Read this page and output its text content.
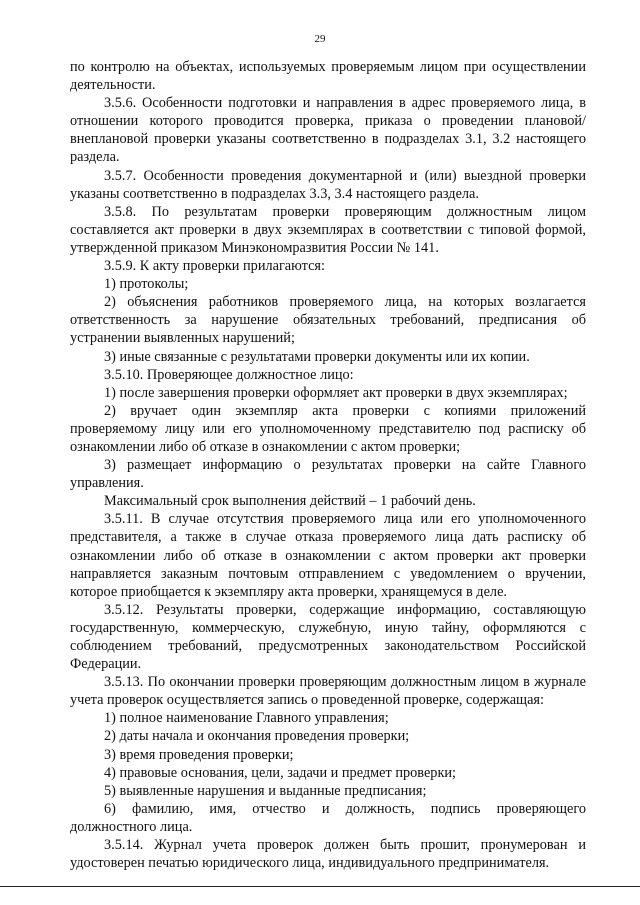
29

по контролю на объектах, используемых проверяемым лицом при осуществлении деятельности.

3.5.6. Особенности подготовки и направления в адрес проверяемого лица, в отношении которого проводится проверка, приказа о проведении плановой/внеплановой проверки указаны соответственно в подразделах 3.1, 3.2 настоящего раздела.

3.5.7. Особенности проведения документарной и (или) выездной проверки указаны соответственно в подразделах 3.3, 3.4 настоящего раздела.

3.5.8. По результатам проверки проверяющим должностным лицом составляется акт проверки в двух экземплярах в соответствии с типовой формой, утвержденной приказом Минэкономразвития России № 141.

3.5.9. К акту проверки прилагаются:

1) протоколы;

2) объяснения работников проверяемого лица, на которых возлагается ответственность за нарушение обязательных требований, предписания об устранении выявленных нарушений;

3) иные связанные с результатами проверки документы или их копии.

3.5.10. Проверяющее должностное лицо:

1) после завершения проверки оформляет акт проверки в двух экземплярах;

2) вручает один экземпляр акта проверки с копиями приложений проверяемому лицу или его уполномоченному представителю под расписку об ознакомлении либо об отказе в ознакомлении с актом проверки;

3) размещает информацию о результатах проверки на сайте Главного управления.

Максимальный срок выполнения действий – 1 рабочий день.

3.5.11. В случае отсутствия проверяемого лица или его уполномоченного представителя, а также в случае отказа проверяемого лица дать расписку об ознакомлении либо об отказе в ознакомлении с актом проверки акт проверки направляется заказным почтовым отправлением с уведомлением о вручении, которое приобщается к экземпляру акта проверки, хранящемуся в деле.

3.5.12. Результаты проверки, содержащие информацию, составляющую государственную, коммерческую, служебную, иную тайну, оформляются с соблюдением требований, предусмотренных законодательством Российской Федерации.

3.5.13. По окончании проверки проверяющим должностным лицом в журнале учета проверок осуществляется запись о проведенной проверке, содержащая:

1) полное наименование Главного управления;

2) даты начала и окончания проведения проверки;

3) время проведения проверки;

4) правовые основания, цели, задачи и предмет проверки;

5) выявленные нарушения и выданные предписания;

6) фамилию, имя, отчество и должность, подпись проверяющего должностного лица.

3.5.14. Журнал учета проверок должен быть прошит, пронумерован и удостоверен печатью юридического лица, индивидуального предпринимателя.
